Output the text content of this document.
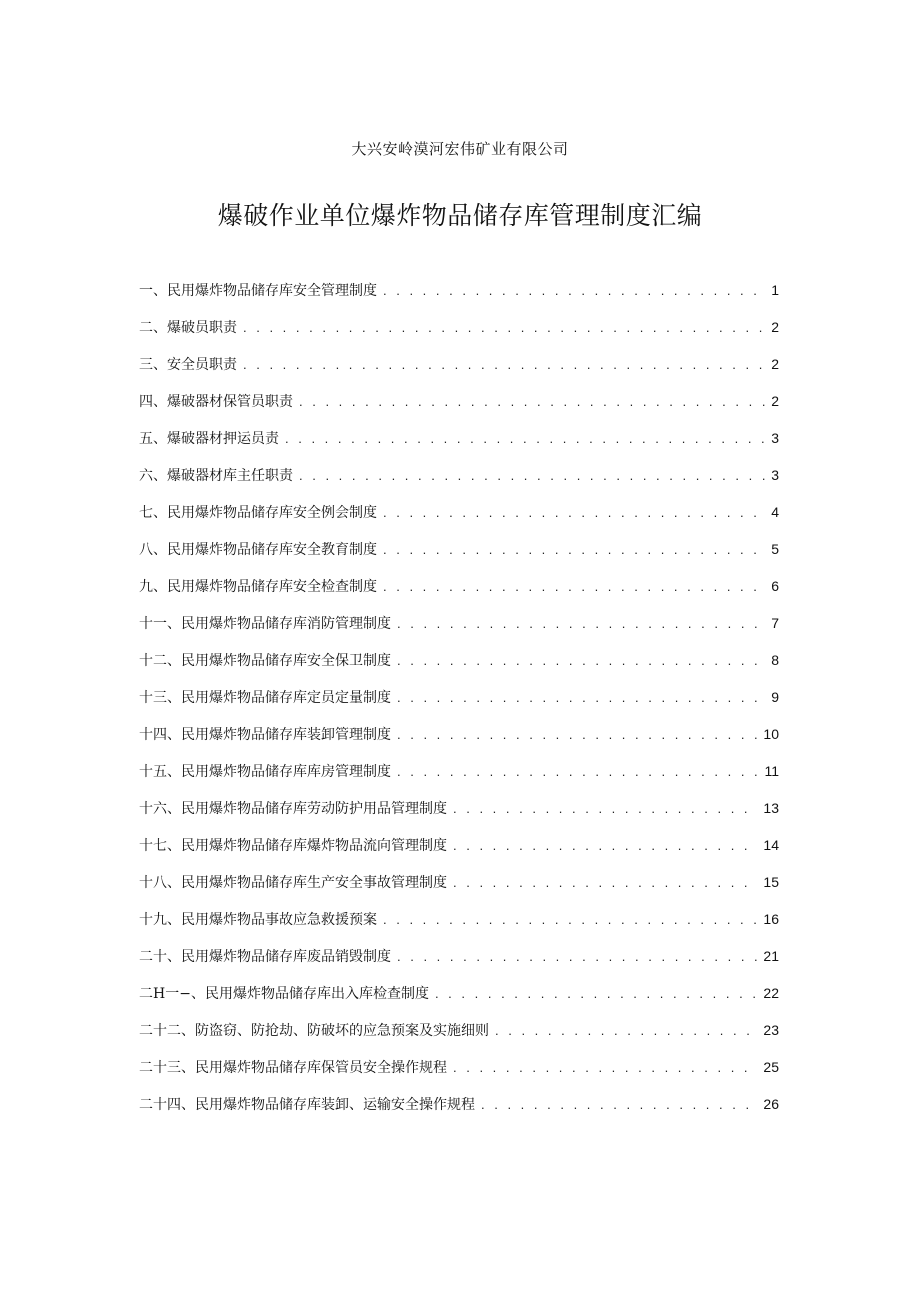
大兴安岭漠河宏伟矿业有限公司
爆破作业单位爆炸物品储存库管理制度汇编
一、民用爆炸物品储存库安全管理制度 . . .	1
二、爆破员职责 . . .	2
三、安全员职责 . . .	2
四、爆破器材保管员职责 . . .	2
五、爆破器材押运员责 . . .	3
六、爆破器材库主任职责 . . .	3
七、民用爆炸物品储存库安全例会制度 . . .	4
八、民用爆炸物品储存库安全教育制度 . . .	5
九、民用爆炸物品储存库安全检查制度 . . .	6
十一、民用爆炸物品储存库消防管理制度 . . .	7
十二、民用爆炸物品储存库安全保卫制度 . . .	8
十三、民用爆炸物品储存库定员定量制度 . . .	9
十四、民用爆炸物品储存库装卸管理制度 . . .	10
十五、民用爆炸物品储存库库房管理制度 . . .	11
十六、民用爆炸物品储存库劳动防护用品管理制度 . . .	13
十七、民用爆炸物品储存库爆炸物品流向管理制度 . . .	14
十八、民用爆炸物品储存库生产安全事故管理制度 . . .	15
十九、民用爆炸物品事故应急救援预案 . . .	16
二十、民用爆炸物品储存库废品销毁制度 . . .	21
二H一−、民用爆炸物品储存库出入库检查制度 . . .	22
二十二、防盗窃、防抢劫、防破坏的应急预案及实施细则 . . .	23
二十三、民用爆炸物品储存库保管员安全操作规程 . . .	25
二十四、民用爆炸物品储存库装卸、运输安全操作规程 . . .	26
